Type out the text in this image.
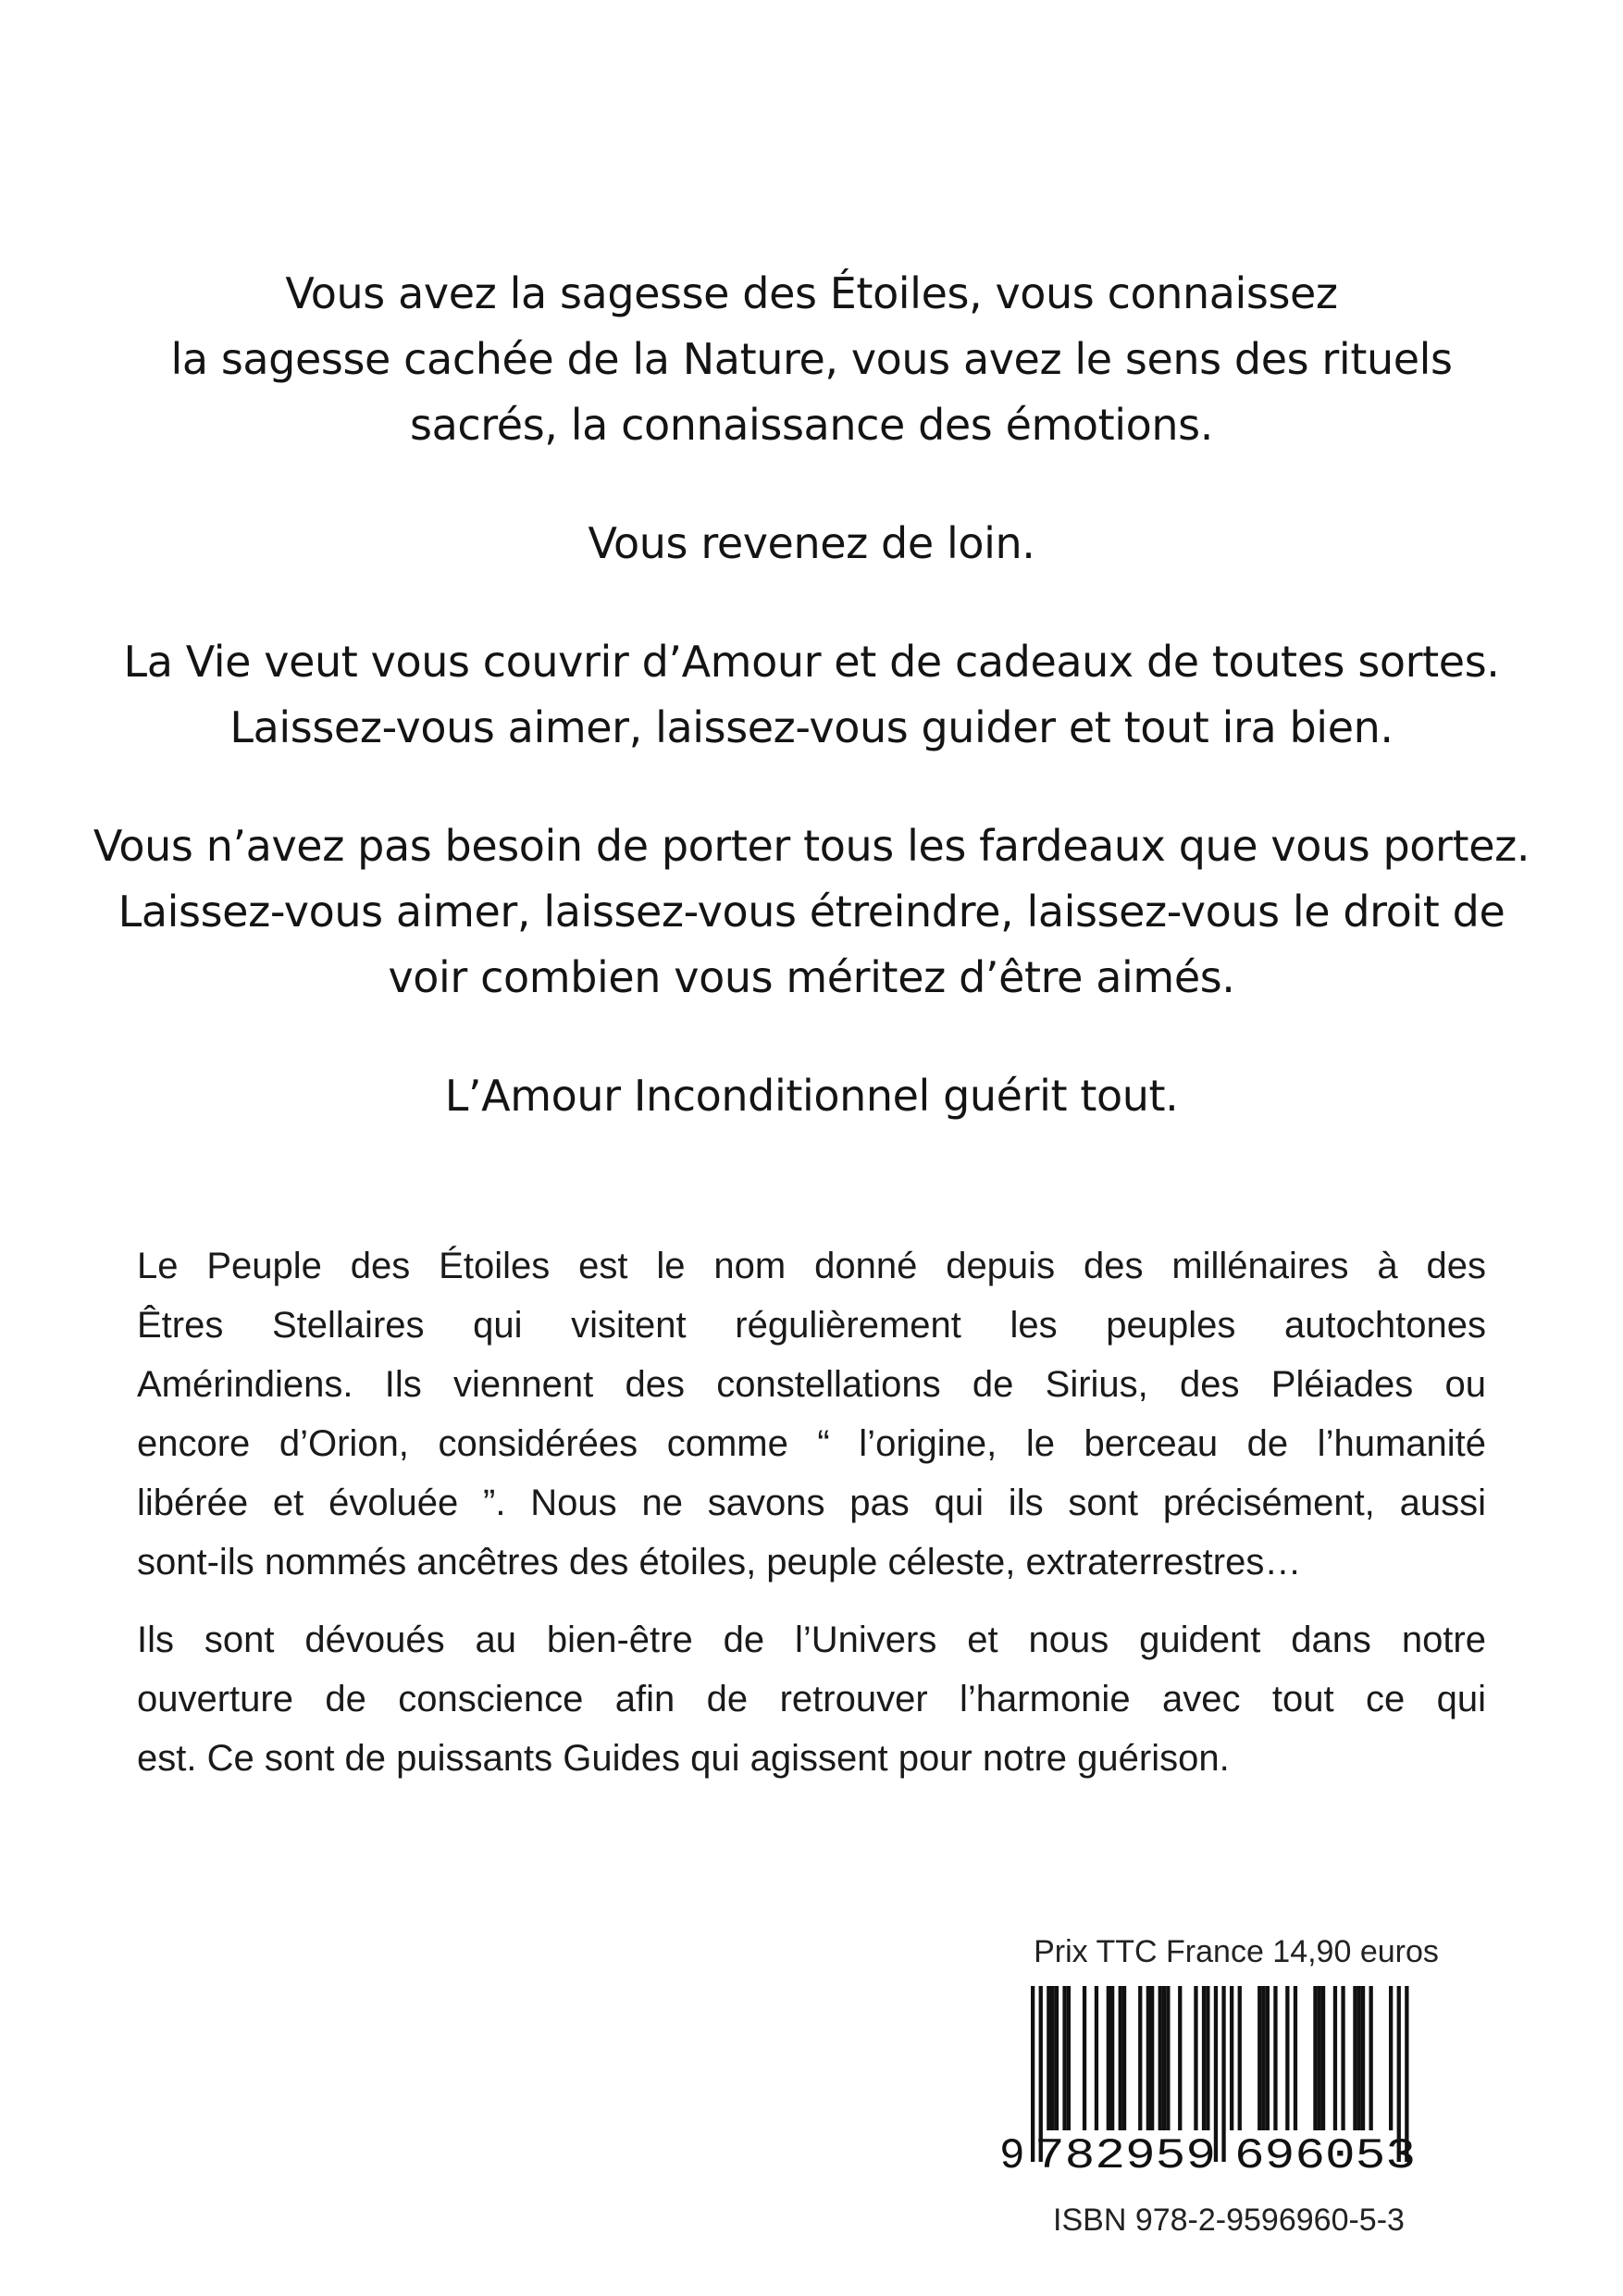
Vous avez la sagesse des Étoiles, vous connaissez
la sagesse cachée de la Nature, vous avez le sens des rituels
sacrés, la connaissance des émotions.
Vous revenez de loin.
La Vie veut vous couvrir d’Amour et de cadeaux de toutes sortes.
Laissez-vous aimer, laissez-vous guider et tout ira bien.
Vous n’avez pas besoin de porter tous les fardeaux que vous portez.
Laissez-vous aimer, laissez-vous étreindre, laissez-vous le droit de
voir combien vous méritez d’être aimés.
L’Amour Inconditionnel guérit tout.
Le Peuple des Étoiles est le nom donné depuis des millénaires à des
Êtres Stellaires qui visitent régulièrement les peuples autochtones
Amérindiens. Ils viennent des constellations de Sirius, des Pléiades ou
encore d’Orion, considérées comme “ l’origine, le berceau de l’humanité
libérée et évoluée ”. Nous ne savons pas qui ils sont précisément, aussi
sont-ils nommés ancêtres des étoiles, peuple céleste, extraterrestres…
Ils sont dévoués au bien-être de l’Univers et nous guident dans notre
ouverture de conscience afin de retrouver l’harmonie avec tout ce qui
est. Ce sont de puissants Guides qui agissent pour notre guérison.
Prix TTC France 14,90 euros
9 782959 696053
ISBN 978-2-9596960-5-3
